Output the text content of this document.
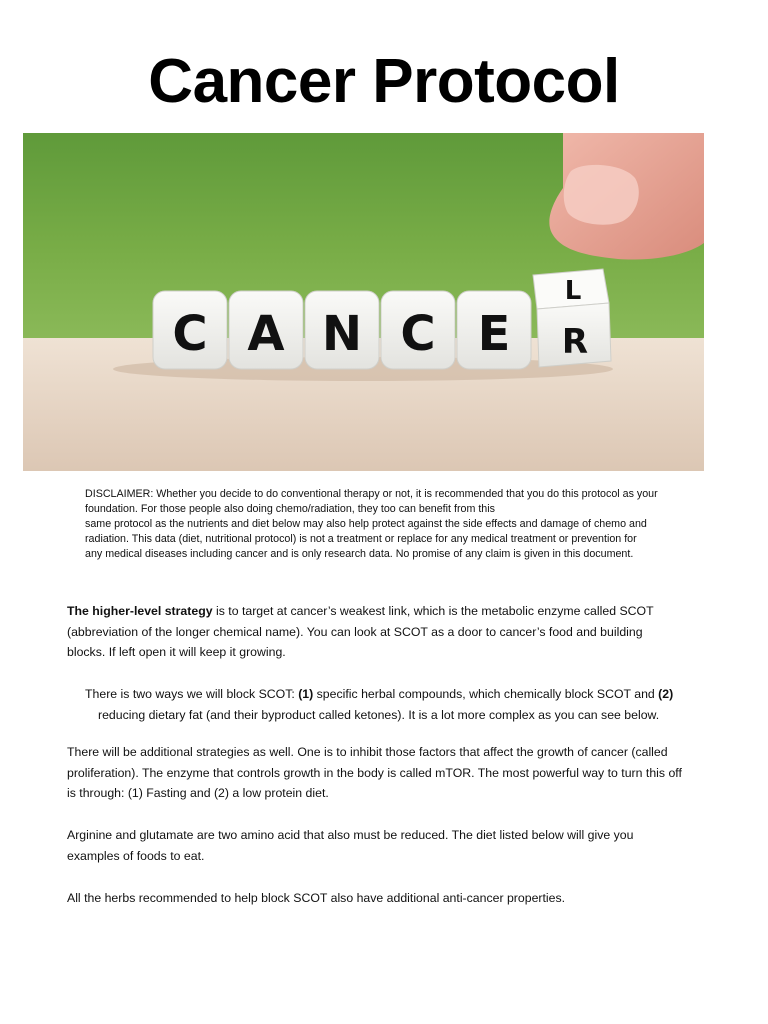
Cancer Protocol
C A N C E
L
R
DISCLAIMER: Whether you decide to do conventional therapy or not, it is recommended that you do this protocol as your
foundation. For those people also doing chemo/radiation, they too can benefit from this
same protocol as the nutrients and diet below may also help protect against the side effects and damage of chemo and
radiation. This data (diet, nutritional protocol) is not a treatment or replace for any medical treatment or prevention for
any medical diseases including cancer and is only research data. No promise of any claim is given in this document.
The higher-level strategy is to target at cancer’s weakest link, which is the metabolic enzyme called SCOT
(abbreviation of the longer chemical name). You can look at SCOT as a door to cancer’s food and building
blocks. If left open it will keep it growing.
There is two ways we will block SCOT: (1) specific herbal compounds, which chemically block SCOT and (2)
reducing dietary fat (and their byproduct called ketones). It is a lot more complex as you can see below.
There will be additional strategies as well. One is to inhibit those factors that affect the growth of cancer (called
proliferation). The enzyme that controls growth in the body is called mTOR. The most powerful way to turn this off
is through: (1) Fasting and (2) a low protein diet.
Arginine and glutamate are two amino acid that also must be reduced. The diet listed below will give you
examples of foods to eat.
All the herbs recommended to help block SCOT also have additional anti-cancer properties.
